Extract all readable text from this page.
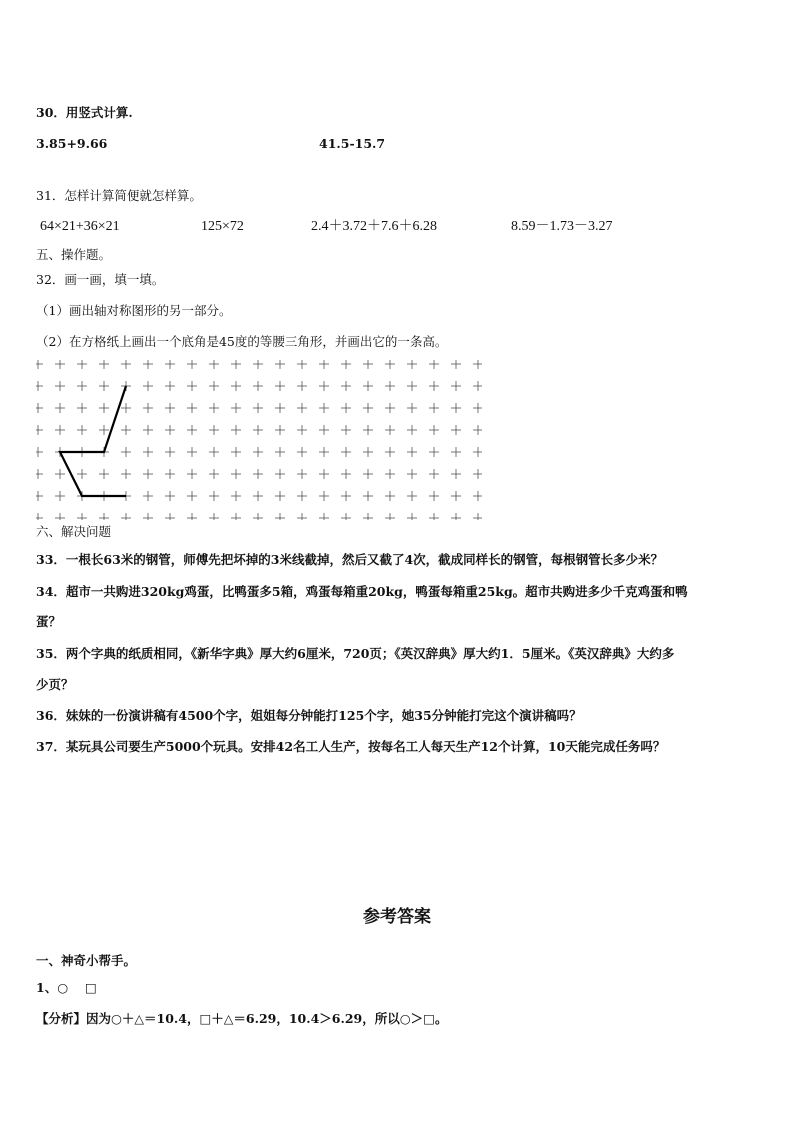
30．用竖式计算.
3.85+9.66	41.5-15.7
31．怎样计算简便就怎样算。
64×21+36×21	125×72	2.4＋3.72＋7.6＋6.28	8.59－1.73－3.27
五、操作题。
32．画一画，填一填。
（1）画出轴对称图形的另一部分。
（2）在方格纸上画出一个底角是45度的等腰三角形，并画出它的一条高。
六、解决问题
33．一根长63米的钢管，师傅先把坏掉的3米线截掉，然后又截了4次，截成同样长的钢管，每根钢管长多少米？
34．超市一共购进320kg鸡蛋，比鸭蛋多5箱，鸡蛋每箱重20kg，鸭蛋每箱重25kg。超市共购进多少千克鸡蛋和鸭
蛋？
35．两个字典的纸质相同，《新华字典》厚大约6厘米，720页；《英汉辞典》厚大约1．5厘米。《英汉辞典》大约多
少页？
36．妹妹的一份演讲稿有4500个字，姐姐每分钟能打125个字，她35分钟能打完这个演讲稿吗？
37．某玩具公司要生产5000个玩具。安排42名工人生产，按每名工人每天生产12个计算，10天能完成任务吗？
参考答案
一、神奇小帮手。
1、○　 □
【分析】因为○＋△＝10.4，□＋△＝6.29，10.4＞6.29，所以○＞□。
